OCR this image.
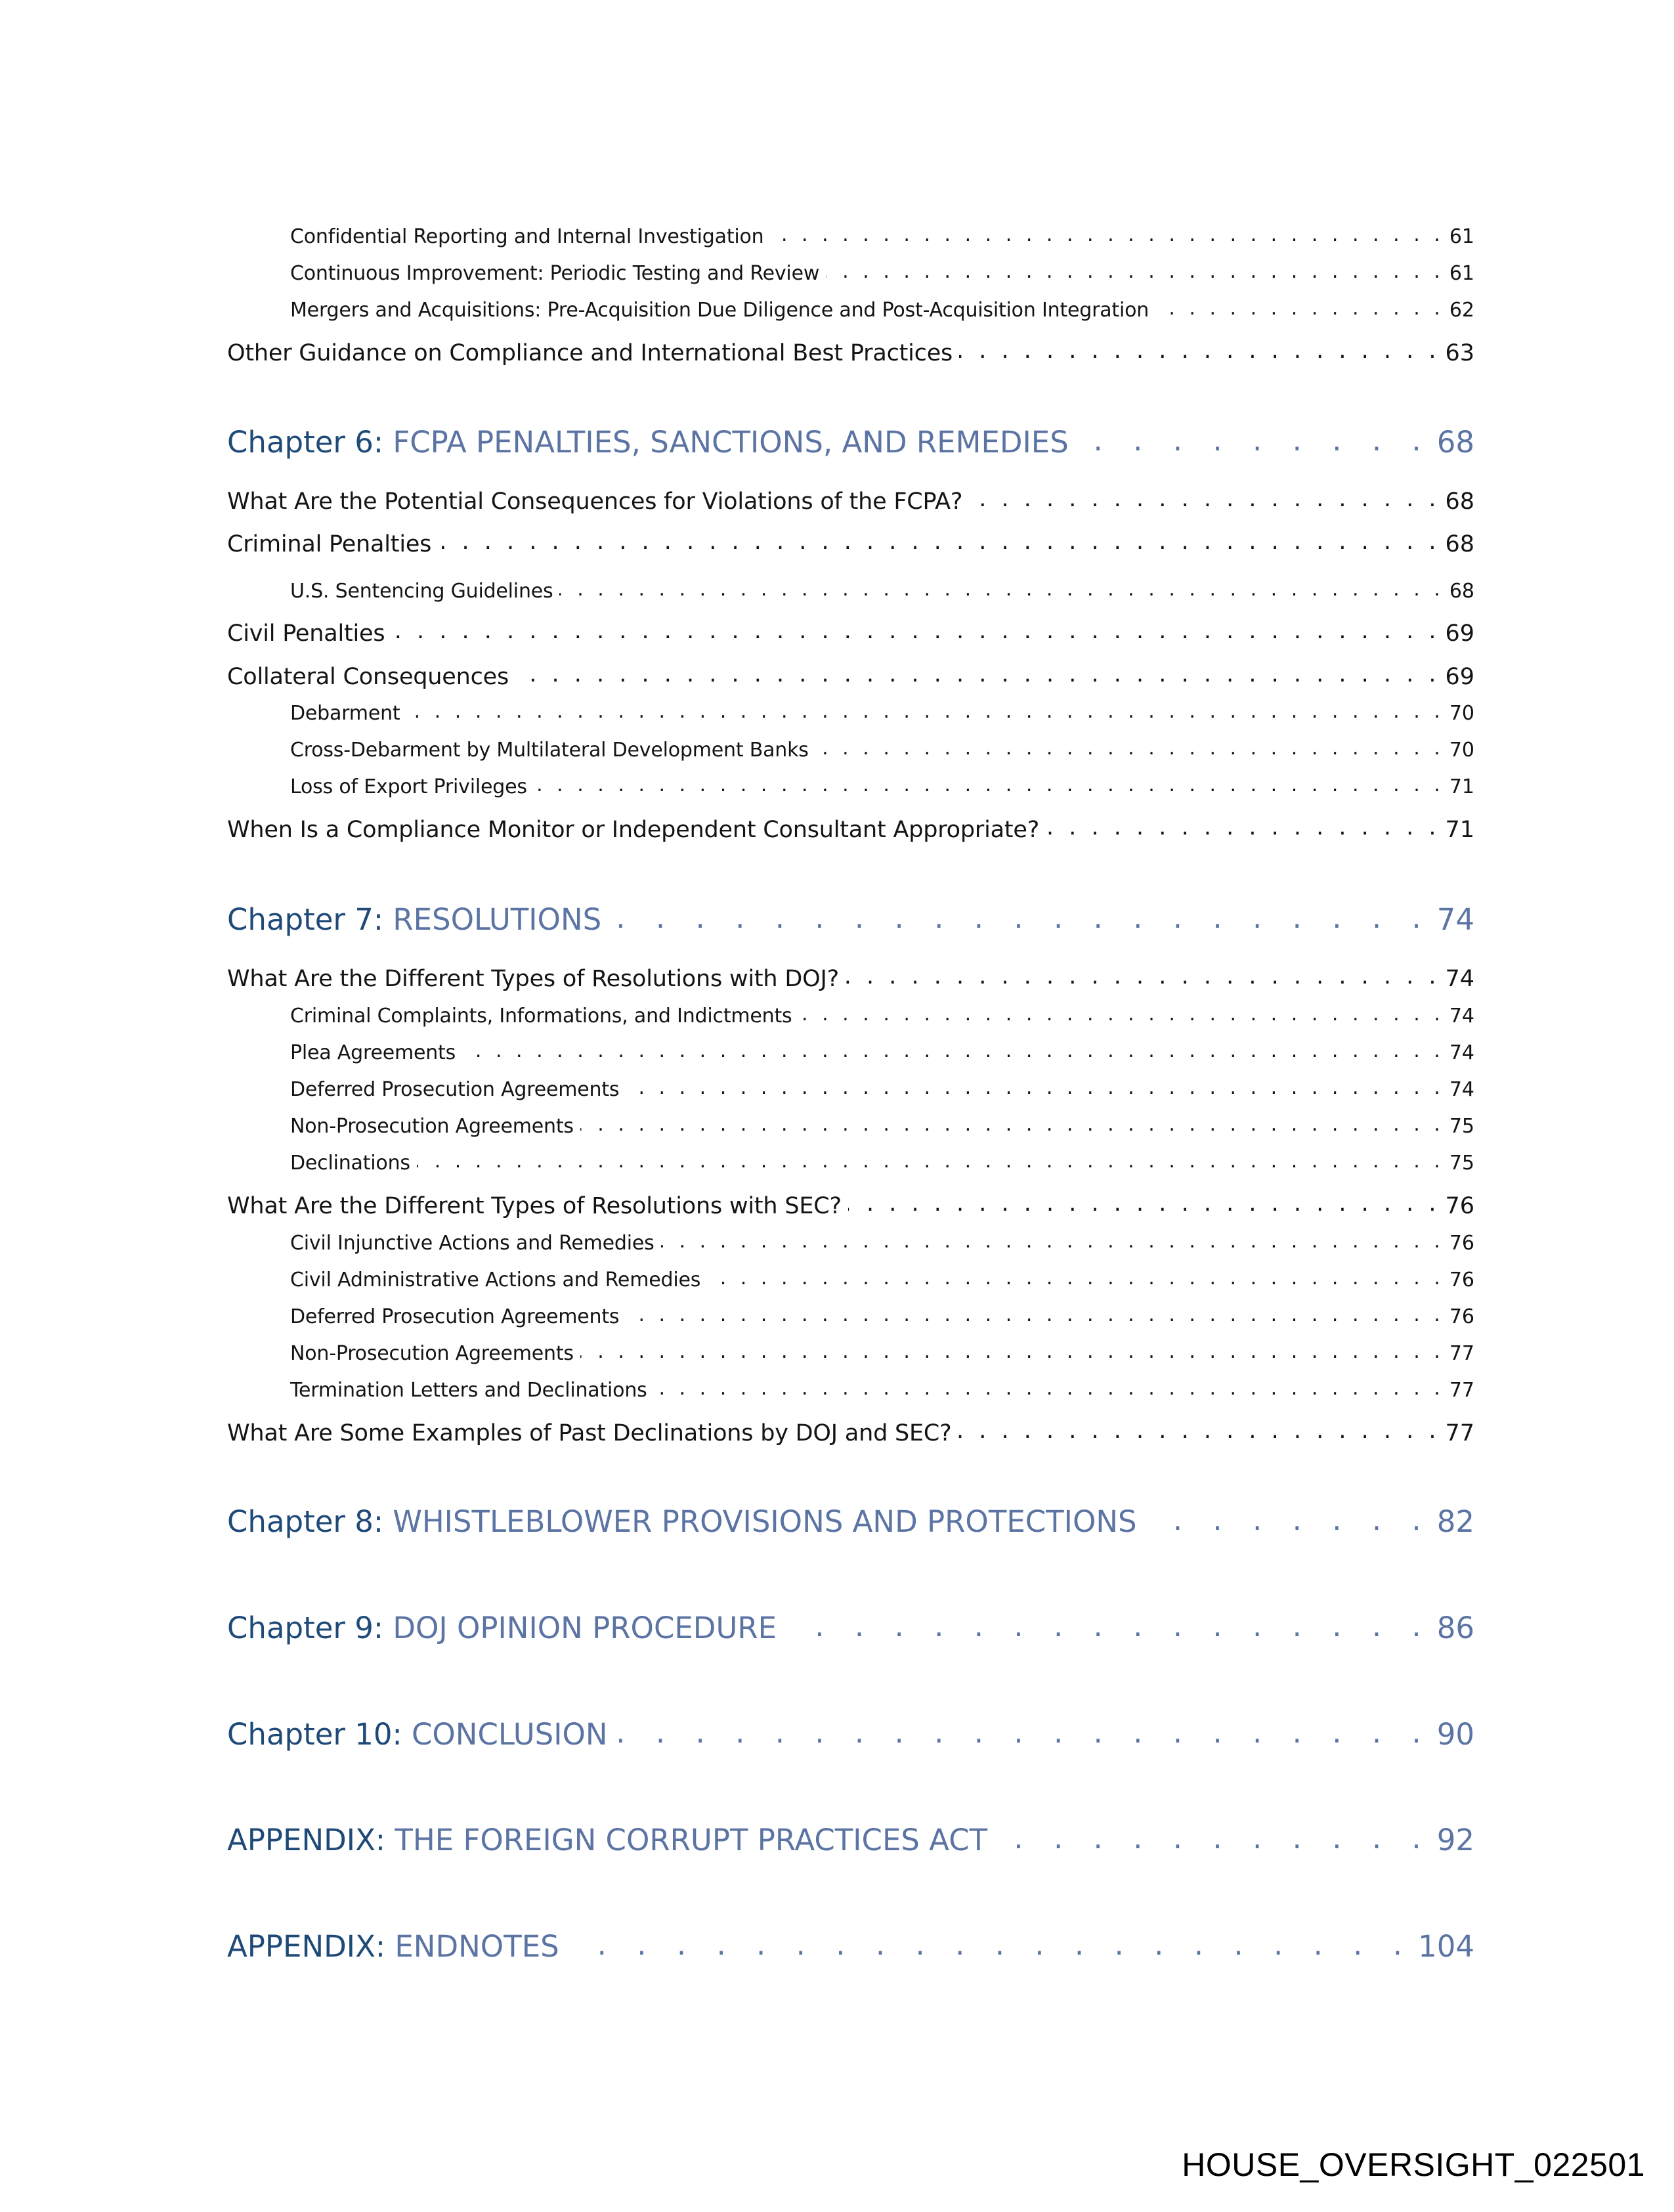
Confidential Reporting and Internal Investigation . . .	61
Continuous Improvement: Periodic Testing and Review . . .	61
Mergers and Acquisitions: Pre-Acquisition Due Diligence and Post-Acquisition Integration . . .	62
Other Guidance on Compliance and International Best Practices . . .	63
Chapter 6: FCPA PENALTIES, SANCTIONS, AND REMEDIES . . .	68
What Are the Potential Consequences for Violations of the FCPA? . . .	68
Criminal Penalties . . .	68
U.S. Sentencing Guidelines . . .	68
Civil Penalties . . .	69
Collateral Consequences . . .	69
Debarment . . .	70
Cross-Debarment by Multilateral Development Banks . . .	70
Loss of Export Privileges . . .	71
When Is a Compliance Monitor or Independent Consultant Appropriate? . . .	71
Chapter 7: RESOLUTIONS . . .	74
What Are the Different Types of Resolutions with DOJ? . . .	74
Criminal Complaints, Informations, and Indictments . . .	74
Plea Agreements . . .	74
Deferred Prosecution Agreements . . .	74
Non-Prosecution Agreements . . .	75
Declinations . . .	75
What Are the Different Types of Resolutions with SEC? . . .	76
Civil Injunctive Actions and Remedies . . .	76
Civil Administrative Actions and Remedies . . .	76
Deferred Prosecution Agreements . . .	76
Non-Prosecution Agreements . . .	77
Termination Letters and Declinations . . .	77
What Are Some Examples of Past Declinations by DOJ and SEC? . . .	77
Chapter 8: WHISTLEBLOWER PROVISIONS AND PROTECTIONS . . .	82
Chapter 9: DOJ OPINION PROCEDURE . . .	86
Chapter 10: CONCLUSION . . .	90
APPENDIX: THE FOREIGN CORRUPT PRACTICES ACT . . .	92
APPENDIX: ENDNOTES . . .	104
HOUSE_OVERSIGHT_022501
